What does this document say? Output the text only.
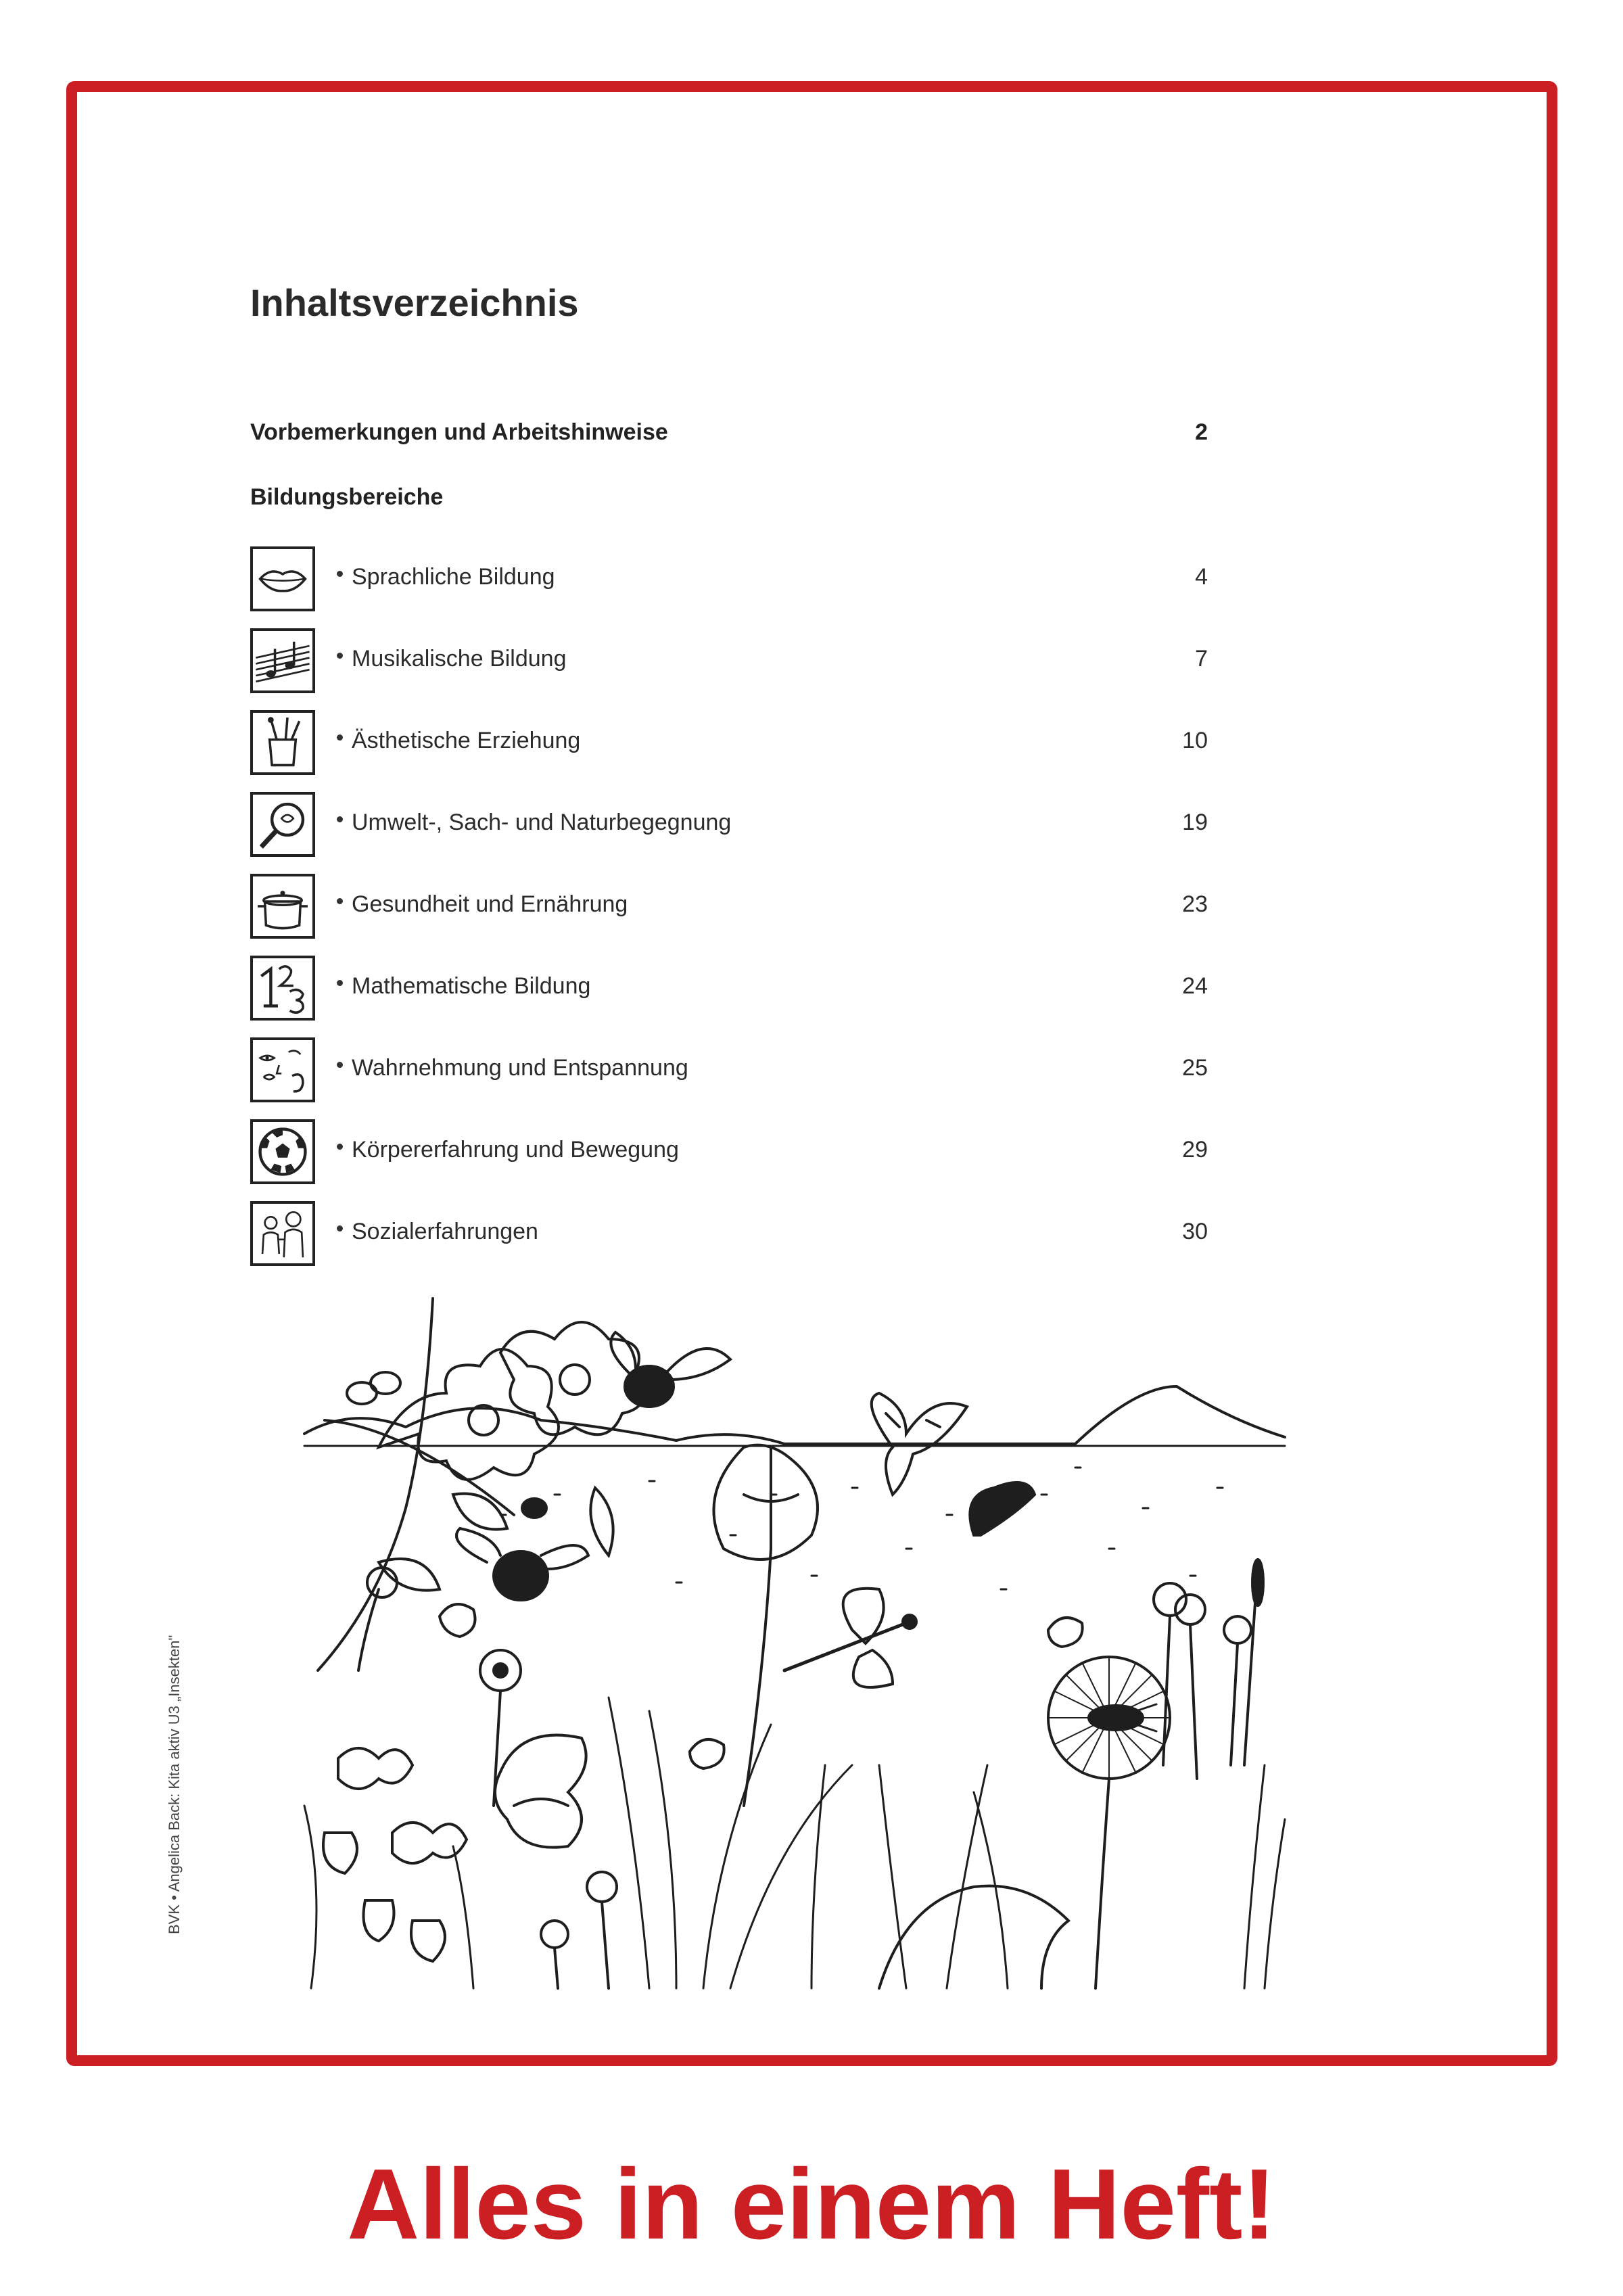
Inhaltsverzeichnis
Vorbemerkungen und Arbeitshinweise	2
Bildungsbereiche
Sprachliche Bildung	4
Musikalische Bildung	7
Ästhetische Erziehung	10
Umwelt-, Sach- und Naturbegegnung	19
Gesundheit und Ernährung	23
Mathematische Bildung	24
Wahrnehmung und Entspannung	25
Körpererfahrung und Bewegung	29
Sozialerfahrungen	30
BVK • Angelica Back: Kita aktiv U3 „Insekten"
Alles in einem Heft!
